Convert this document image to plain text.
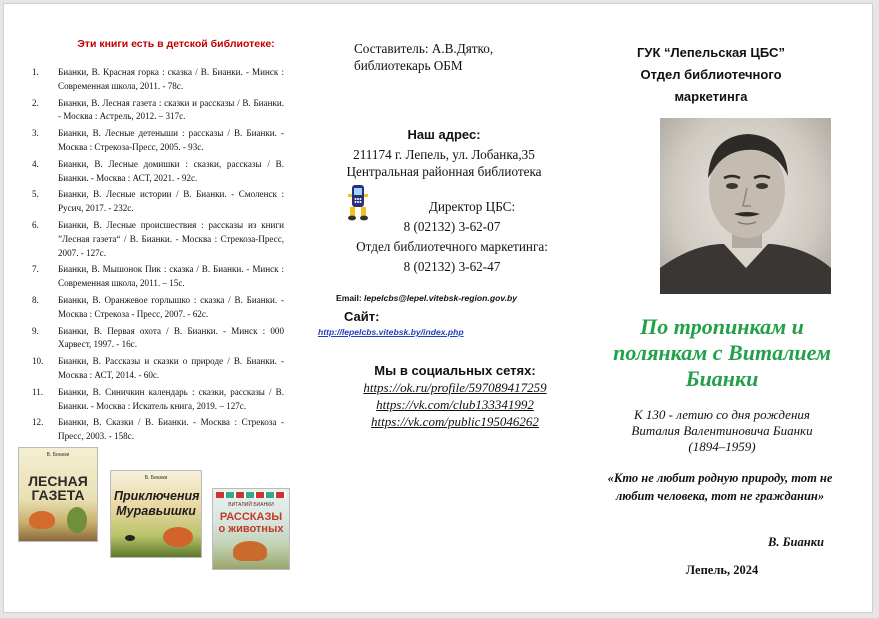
Эти книги есть в детской библиотеке:
1. Бианки, В. Красная горка : сказка / В. Бианки. - Минск : Современная школа, 2011. - 78с.
2. Бианки, В. Лесная газета : сказки и рассказы / В. Бианки. - Москва : Астрель, 2012. – 317с.
3. Бианки, В. Лесные детеныши : рассказы / В. Бианки. - Москва : Стрекоза-Пресс, 2005. - 93с.
4. Бианки, В. Лесные домишки : сказки, рассказы / В. Бианки. - Москва : АСТ, 2021. - 92с.
5. Бианки, В. Лесные истории / В. Бианки. - Смоленск : Русич, 2017. - 232с.
6. Бианки, В. Лесные происшествия : рассказы из книги ”Лесная газета“ / В. Бианки. - Москва : Стрекоза-Пресс, 2007. - 127с.
7. Бианки, В. Мышонок Пик : сказка / В. Бианки. - Минск : Современная школа, 2011. – 15с.
8. Бианки, В. Оранжевое горлышко : сказка / В. Бианки. - Москва : Стрекоза - Пресс, 2007. - 62с.
9. Бианки, В. Первая охота / В. Бианки. - Минск : 000 Харвест, 1997. - 16с.
10. Бианки, В. Рассказы и сказки о природе / В. Бианки. - Москва : АСТ, 2014. - 60с.
11. Бианки, В. Синичкин календарь : сказки, рассказы / В. Бианки. - Москва : Искатель книга, 2019. – 127с.
12. Бианки, В. Сказки / В. Бианки. - Москва : Стрекоза - Пресс, 2003. - 158с.
В. Бианки
ЛЕСНАЯ ГАЗЕТА
В. Бианки
Приключения Муравьишки	ВИТАЛИЙ БИАНКИ
РАССКАЗЫ о животных
Составитель: А.В.Дятко,
библиотекарь ОБМ
Наш адрес:
211174 г. Лепель, ул. Лобанка,35
Центральная районная библиотека
Директор ЦБС:
8 (02132) 3-62-07
Отдел библиотечного маркетинга:
8 (02132) 3-62-47
Email: lepelcbs@lepel.vitebsk-region.gov.by
Сайт:
http://lepelcbs.vitebsk.by/index.php
Мы в социальных сетях:
https://ok.ru/profile/597089417259
https://vk.com/club133341992
https://vk.com/public195046262
ГУК “Лепельская ЦБС”
Отдел библиотечного
маркетинга
По тропинкам и полянкам с Виталием Бианки
К 130 - летию со дня рождения
Виталия Валентиновича Бианки
(1894–1959)
«Кто не любит родную природу, тот не любит человека, тот не гражданин»
В. Бианки
Лепель, 2024
